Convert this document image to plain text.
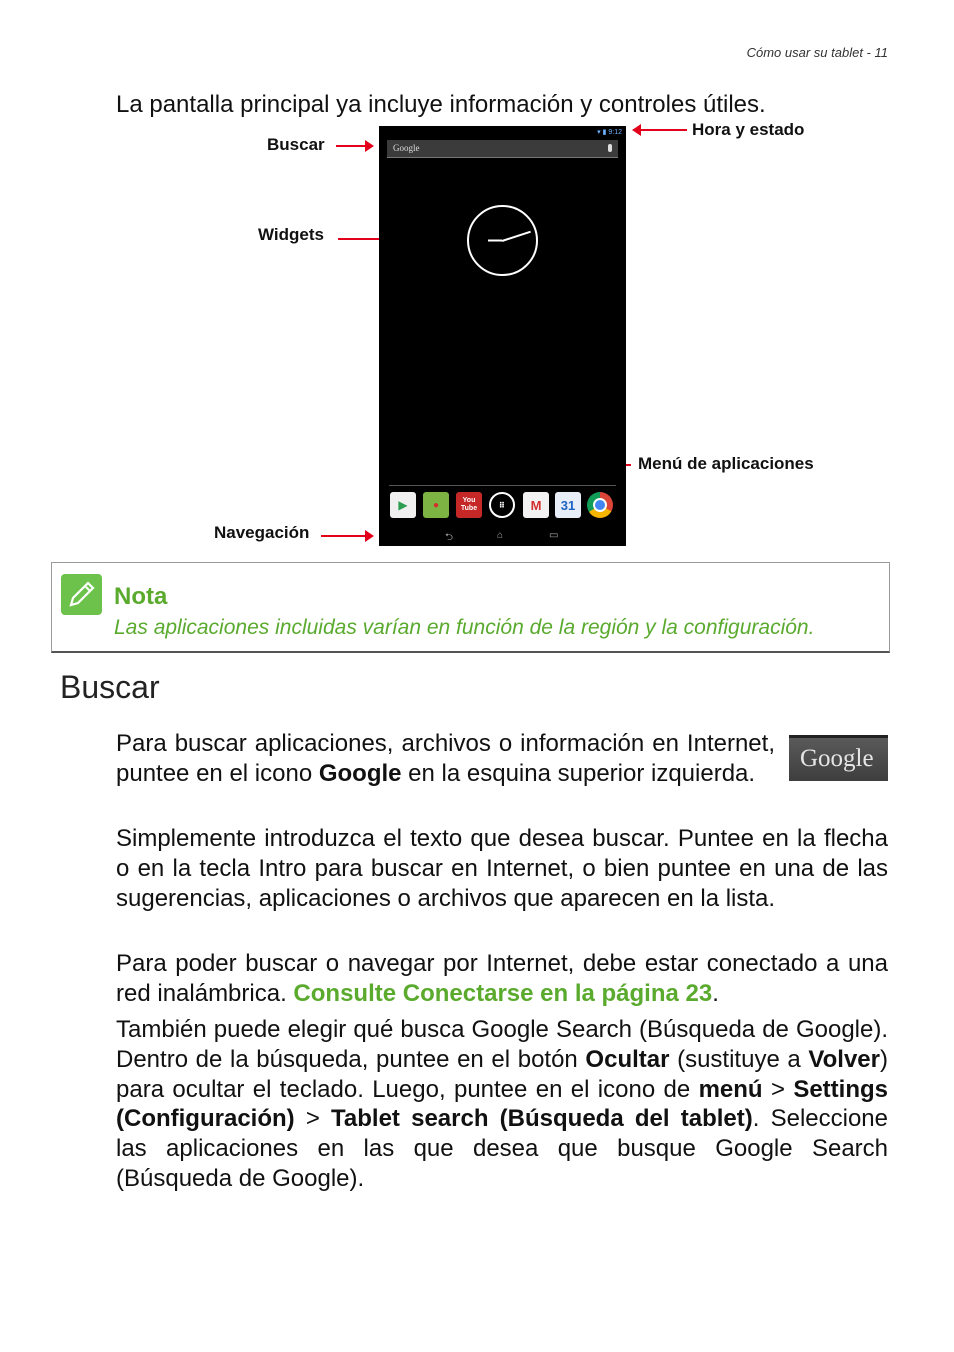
Cómo usar su tablet - 11
La pantalla principal ya incluye información y controles útiles.
Buscar
Widgets
Hora y estado
Menú de aplicaciones
Navegación
▾ ▮ 9:12
Google
▶	●	You Tube	⠿	M 31
⮌	⌂	▭
Nota
Las aplicaciones incluidas varían en función de la región y la configuración.
Buscar
Google

Para buscar aplicaciones, archivos o información en Internet, puntee en el icono Google en la esquina superior izquierda.

Simplemente introduzca el texto que desea buscar. Puntee en la flecha o en la tecla Intro para buscar en Internet, o bien puntee en una de las sugerencias, aplicaciones o archivos que aparecen en la lista.

Para poder buscar o navegar por Internet, debe estar conectado a una red inalámbrica. Consulte Conectarse en la página 23.

También puede elegir qué busca Google Search (Búsqueda de Google). Dentro de la búsqueda, puntee en el botón Ocultar (sustituye a Volver) para ocultar el teclado. Luego, puntee en el icono de menú > Settings (Configuración) > Tablet search (Búsqueda del tablet). Seleccione las aplicaciones en las que desea que busque Google Search (Búsqueda de Google).
